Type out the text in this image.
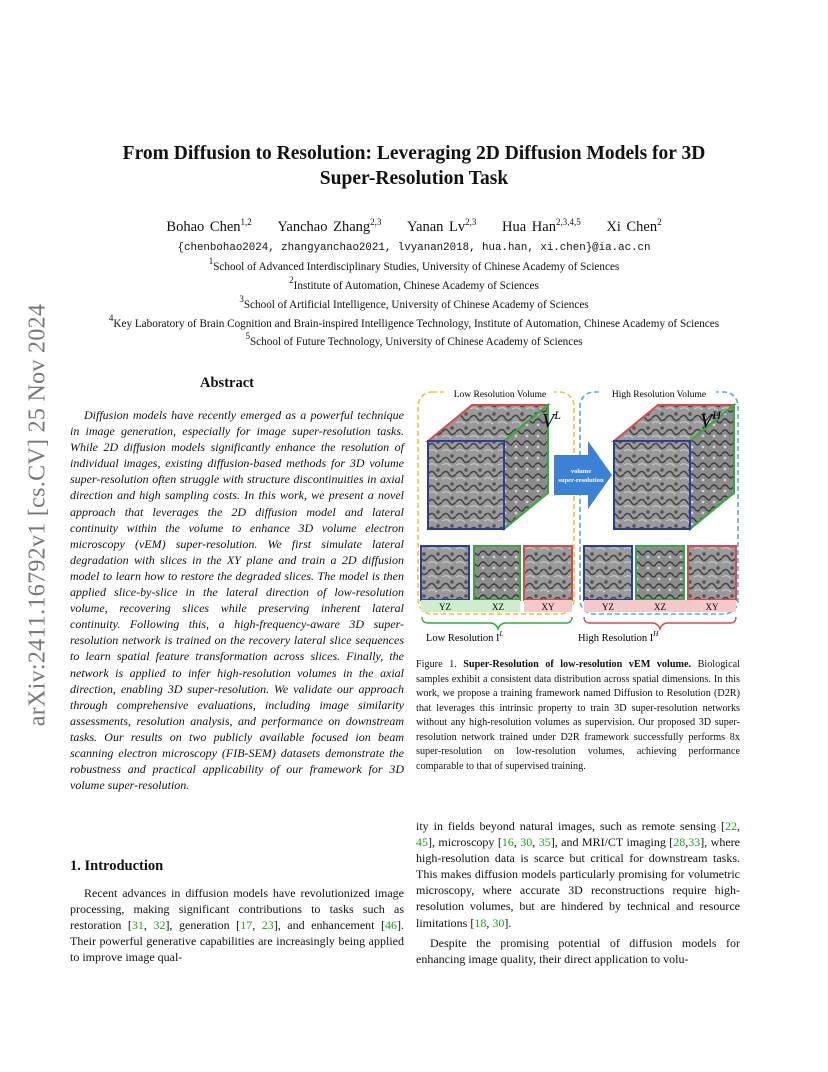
arXiv:2411.16792v1 [cs.CV] 25 Nov 2024
From Diffusion to Resolution: Leveraging 2D Diffusion Models for 3D
Super-Resolution Task
Bohao Chen$^{1,2}$ Yanchao Zhang$^{2,3}$ Yanan Lv$^{2,3}$ Hua Han$^{2,3,4,5}$ Xi Chen$^2$
{chenbohao2024, zhangyanchao2021, lvyanan2018, hua.han, xi.chen}@ia.ac.cn
$^1$School of Advanced Interdisciplinary Studies, University of Chinese Academy of Sciences
$^2$Institute of Automation, Chinese Academy of Sciences
$^3$School of Artificial Intelligence, University of Chinese Academy of Sciences
$^4$Key Laboratory of Brain Cognition and Brain-inspired Intelligence Technology, Institute of Automation, Chinese Academy of Sciences
$^5$School of Future Technology, University of Chinese Academy of Sciences
Abstract

Diffusion models have recently emerged as a powerful technique in image generation, especially for image super-resolution tasks. While 2D diffusion models significantly enhance the resolution of individual images, existing diffusion-based methods for 3D volume super-resolution often struggle with structure discontinuities in axial direction and high sampling costs. In this work, we present a novel approach that leverages the 2D diffusion model and lateral continuity within the volume to enhance 3D volume electron microscopy (vEM) super-resolution. We first simulate lateral degradation with slices in the XY plane and train a 2D diffusion model to learn how to restore the degraded slices. The model is then applied slice-by-slice in the lateral direction of low-resolution volume, recovering slices while preserving inherent lateral continuity. Following this, a high-frequency-aware 3D super-resolution network is trained on the recovery lateral slice sequences to learn spatial feature transformation across slices. Finally, the network is applied to infer high-resolution volumes in the axial direction, enabling 3D super-resolution. We validate our approach through comprehensive evaluations, including image similarity assessments, resolution analysis, and performance on downstream tasks. Our results on two publicly available focused ion beam scanning electron microscopy (FIB-SEM) datasets demonstrate the robustness and practical applicability of our framework for 3D volume super-resolution.

1. Introduction

Recent advances in diffusion models have revolutionized image processing, making significant contributions to tasks such as restoration [31, 32], generation [17, 23], and enhancement [46]. Their powerful generative capabilities are increasingly being applied to improve image qual-

Low Resolution Volume	High Resolution Volume
$V^L$
volume
super-resolution
$V^H$
YZ	XZ	XY	YZ	XZ	XY
Low Resolution $I^L$	High Resolution $I^H$

Figure 1. Super-Resolution of low-resolution vEM volume. Biological samples exhibit a consistent data distribution across spatial dimensions. In this work, we propose a training framework named Diffusion to Resolution (D2R) that leverages this intrinsic property to train 3D super-resolution networks without any high-resolution volumes as supervision. Our proposed 3D super-resolution network trained under D2R framework successfully performs 8x super-resolution on low-resolution volumes, achieving performance comparable to that of supervised training.

ity in fields beyond natural images, such as remote sensing [22, 45], microscopy [16, 30, 35], and MRI/CT imaging [28,33], where high-resolution data is scarce but critical for downstream tasks. This makes diffusion models particularly promising for volumetric microscopy, where accurate 3D reconstructions require high-resolution volumes, but are hindered by technical and resource limitations [18, 30].

Despite the promising potential of diffusion models for enhancing image quality, their direct application to volu-
